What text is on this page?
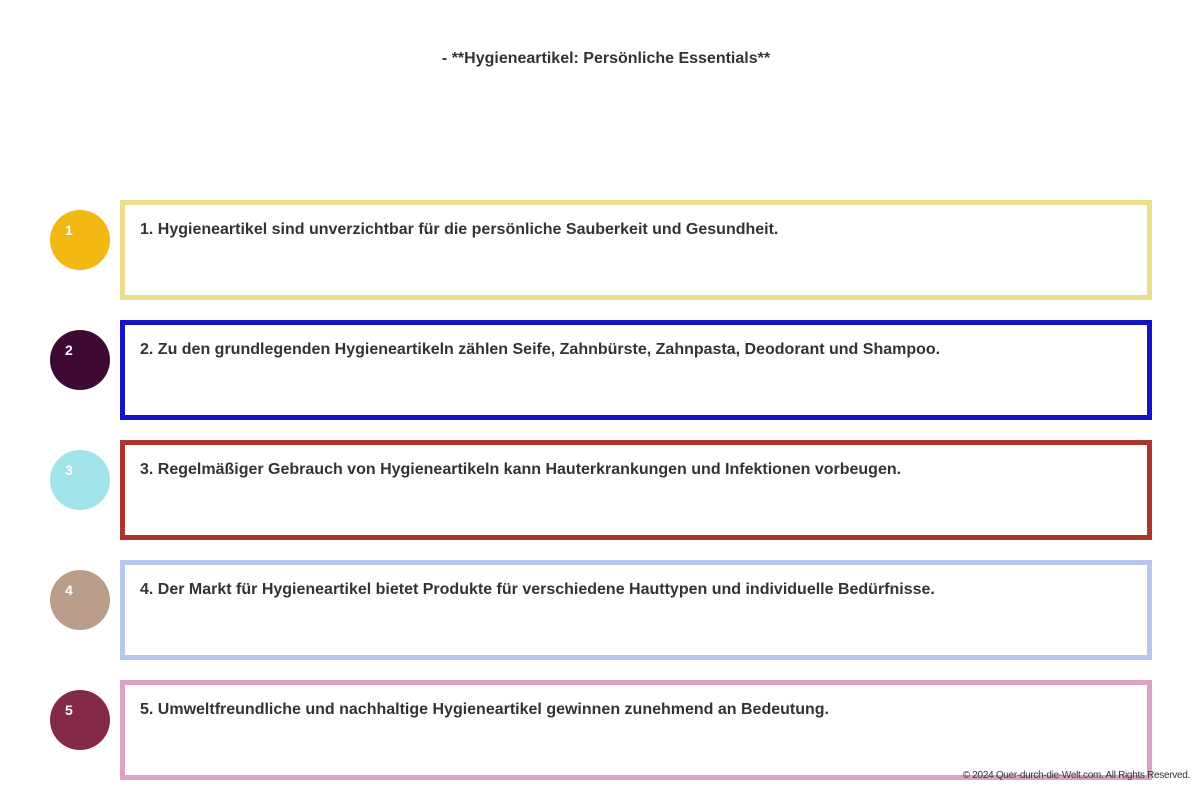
- **Hygieneartikel: Persönliche Essentials**
1	1. Hygieneartikel sind unverzichtbar für die persönliche Sauberkeit und Gesundheit.
2	2. Zu den grundlegenden Hygieneartikeln zählen Seife, Zahnbürste, Zahnpasta, Deodorant und Shampoo.
3	3. Regelmäßiger Gebrauch von Hygieneartikeln kann Hauterkrankungen und Infektionen vorbeugen.
4	4. Der Markt für Hygieneartikel bietet Produkte für verschiedene Hauttypen und individuelle Bedürfnisse.
5	5. Umweltfreundliche und nachhaltige Hygieneartikel gewinnen zunehmend an Bedeutung.
© 2024 Quer-durch-die-Welt.com. All Rights Reserved.
